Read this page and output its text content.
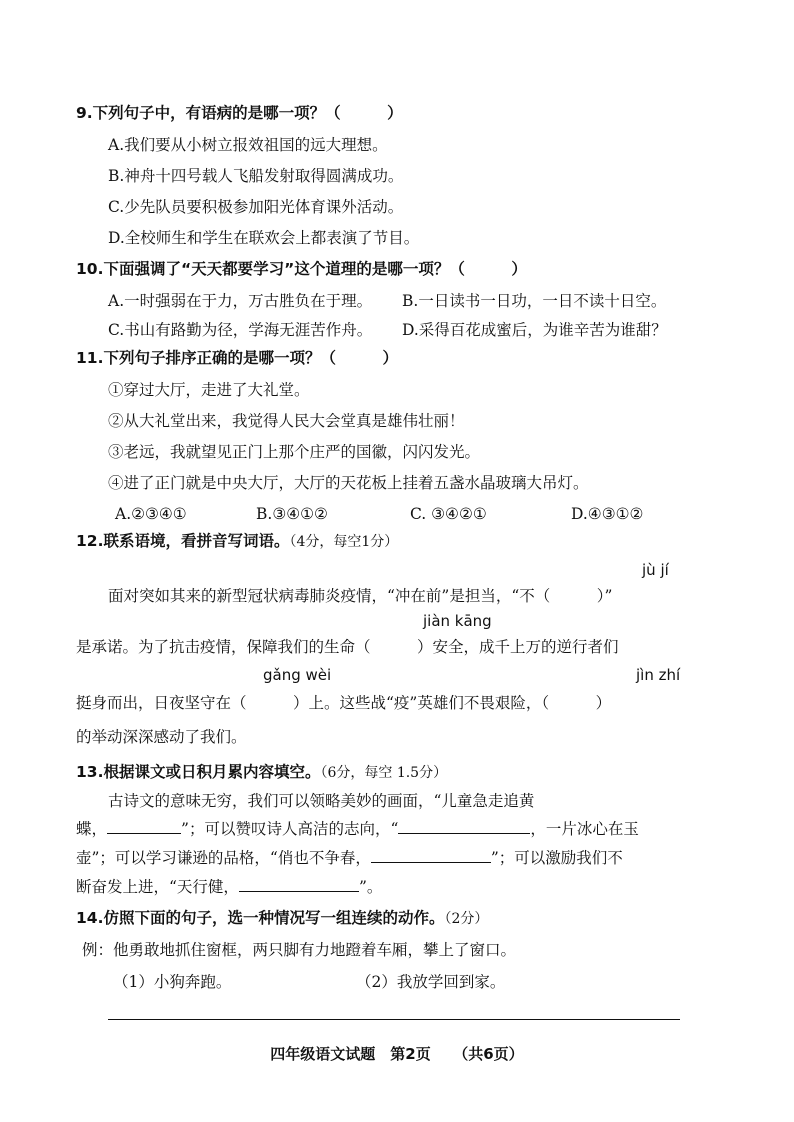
9.下列句子中，有语病的是哪一项？（　　　）
A.我们要从小树立报效祖国的远大理想。
B.神舟十四号载人飞船发射取得圆满成功。
C.少先队员要积极参加阳光体育课外活动。
D.全校师生和学生在联欢会上都表演了节目。
10.下面强调了“天天都要学习”这个道理的是哪一项？（　　　）
A.一时强弱在于力，万古胜负在于理。 B.一日读书一日功，一日不读十日空。
C.书山有路勤为径，学海无涯苦作舟。 D.采得百花成蜜后，为谁辛苦为谁甜？
11.下列句子排序正确的是哪一项？（　　　）
①穿过大厅，走进了大礼堂。
②从大礼堂出来，我觉得人民大会堂真是雄伟壮丽！
③老远，我就望见正门上那个庄严的国徽，闪闪发光。
④进了正门就是中央大厅，大厅的天花板上挂着五盏水晶玻璃大吊灯。
A.②③④①	B.③④①②	C. ③④②①	D.④③①②
12.联系语境，看拼音写词语。（4分，每空1分）
jù jí
面对突如其来的新型冠状病毒肺炎疫情，“冲在前”是担当，“不（　　　）”
jiàn kāng
是承诺。为了抗击疫情，保障我们的生命（　　　）安全，成千上万的逆行者们
gǎng wèi	jìn zhí
挺身而出，日夜坚守在（　　　）上。这些战“疫”英雄们不畏艰险，（　　　）
的举动深深感动了我们。
13.根据课文或日积月累内容填空。（6分，每空 1.5分）
古诗文的意味无穷，我们可以领略美妙的画面，“儿童急走追黄
蝶，	”；可以赞叹诗人高洁的志向，“	，一片冰心在玉
壶”；可以学习谦逊的品格，“俏也不争春，	”；可以激励我们不
断奋发上进，“天行健，	”。
14.仿照下面的句子，选一种情况写一组连续的动作。（2分）
例：他勇敢地抓住窗框，两只脚有力地蹬着车厢，攀上了窗口。
（1）小狗奔跑。	（2）我放学回到家。
四年级语文试题　第2页　　（共6页）
